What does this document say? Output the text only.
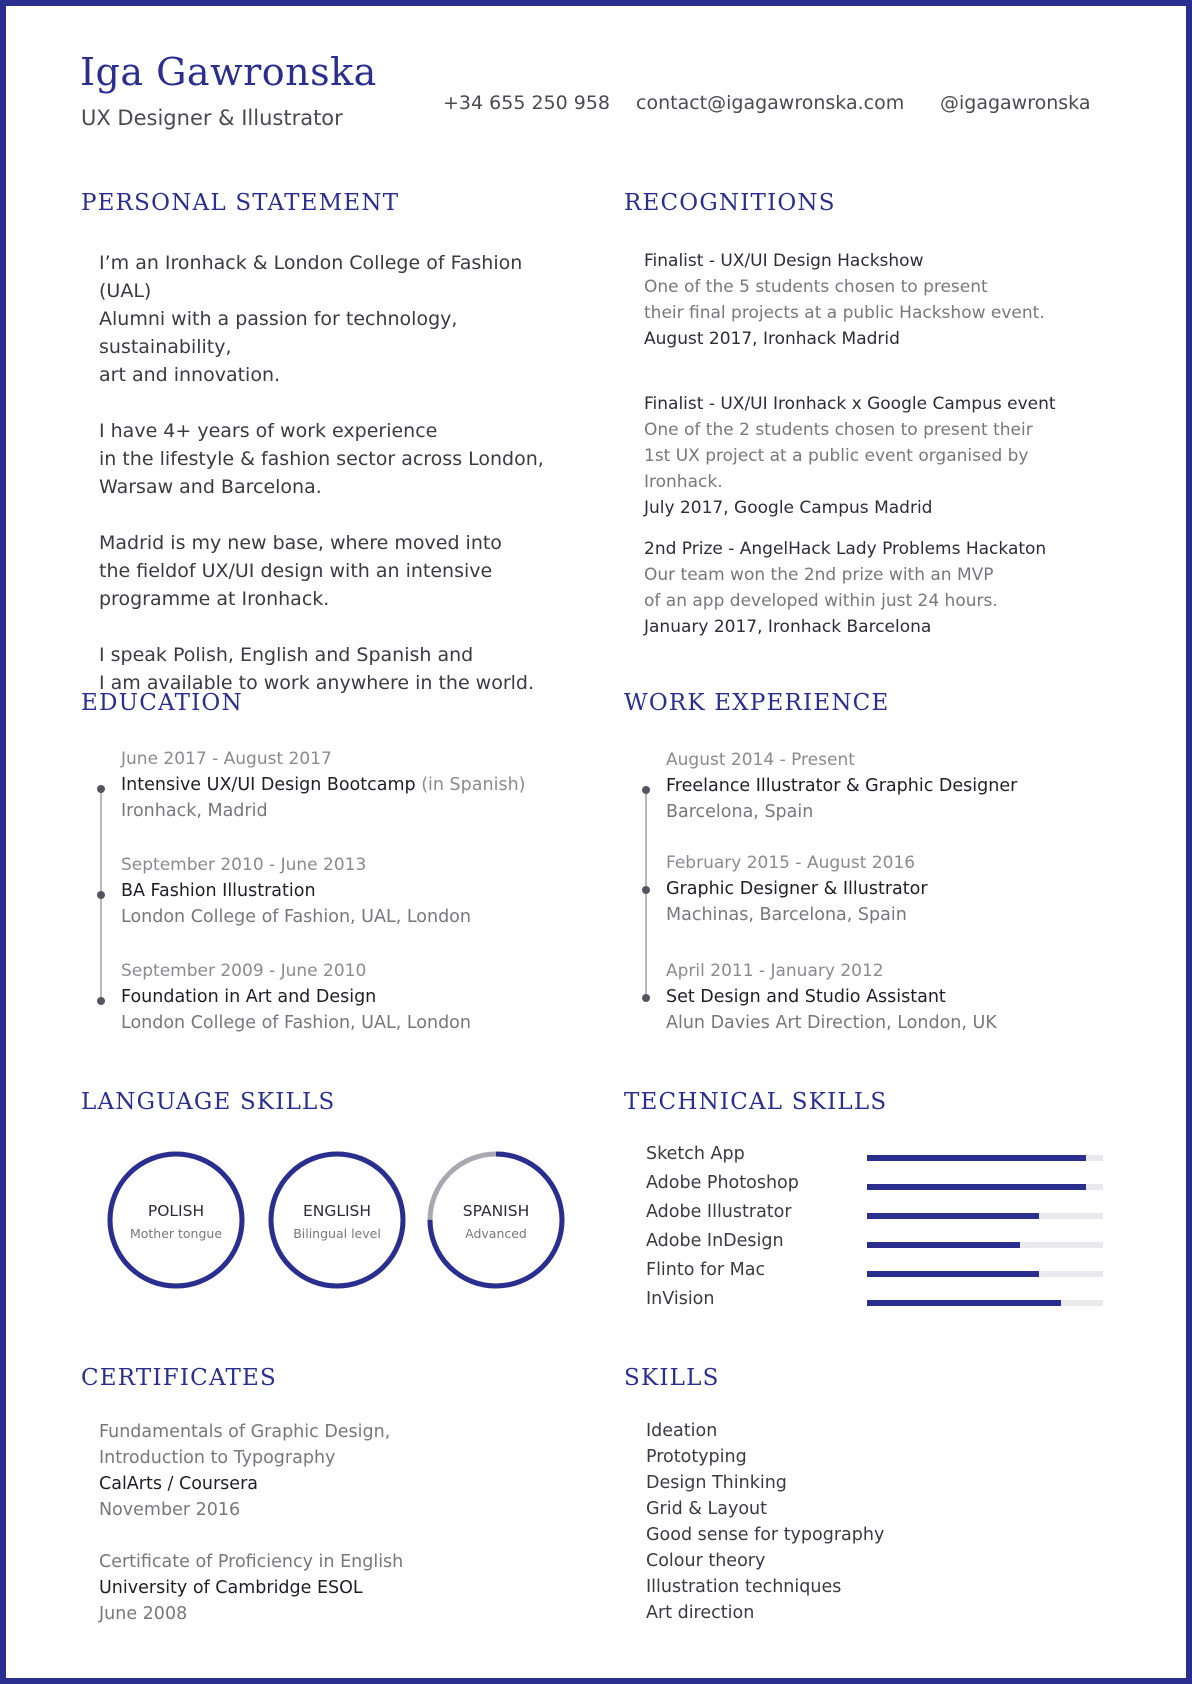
Iga Gawronska
UX Designer & Illustrator
+34 655 250 958 contact@igagawronska.com @igagawronska
PERSONAL STATEMENT

I’m an Ironhack & London College of Fashion (UAL)
Alumni with a passion for technology, sustainability,
art and innovation.

I have 4+ years of work experience
in the lifestyle & fashion sector across London,
Warsaw and Barcelona.

Madrid is my new base, where moved into
the fieldof UX/UI design with an intensive
programme at Ironhack.

I speak Polish, English and Spanish and
I am available to work anywhere in the world.

RECOGNITIONS
Finalist - UX/UI Design Hackshow
One of the 5 students chosen to present
their final projects at a public Hackshow event.
August 2017, Ironhack Madrid
Finalist - UX/UI Ironhack x Google Campus event
One of the 2 students chosen to present their
1st UX project at a public event organised by Ironhack.
July 2017, Google Campus Madrid
2nd Prize - AngelHack Lady Problems Hackaton
Our team won the 2nd prize with an MVP
of an app developed within just 24 hours.
January 2017, Ironhack Barcelona
EDUCATION
June 2017 - August 2017
Intensive UX/UI Design Bootcamp (in Spanish)
Ironhack, Madrid
September 2010 - June 2013
BA Fashion Illustration
London College of Fashion, UAL, London
September 2009 - June 2010
Foundation in Art and Design
London College of Fashion, UAL, London
WORK EXPERIENCE
August 2014 - Present
Freelance Illustrator & Graphic Designer
Barcelona, Spain
February 2015 - August 2016
Graphic Designer & Illustrator
Machinas, Barcelona, Spain
April 2011 - January 2012
Set Design and Studio Assistant
Alun Davies Art Direction, London, UK
LANGUAGE SKILLS
POLISH
Mother tongue
ENGLISH
Bilingual level
SPANISH
Advanced
TECHNICAL SKILLS
Sketch App
Adobe Photoshop
Adobe Illustrator
Adobe InDesign
Flinto for Mac
InVision
CERTIFICATES
Fundamentals of Graphic Design,
Introduction to Typography
CalArts / Coursera
November 2016
Certificate of Proficiency in English
University of Cambridge ESOL
June 2008
SKILLS
Ideation
Prototyping
Design Thinking
Grid & Layout
Good sense for typography
Colour theory
Illustration techniques
Art direction
